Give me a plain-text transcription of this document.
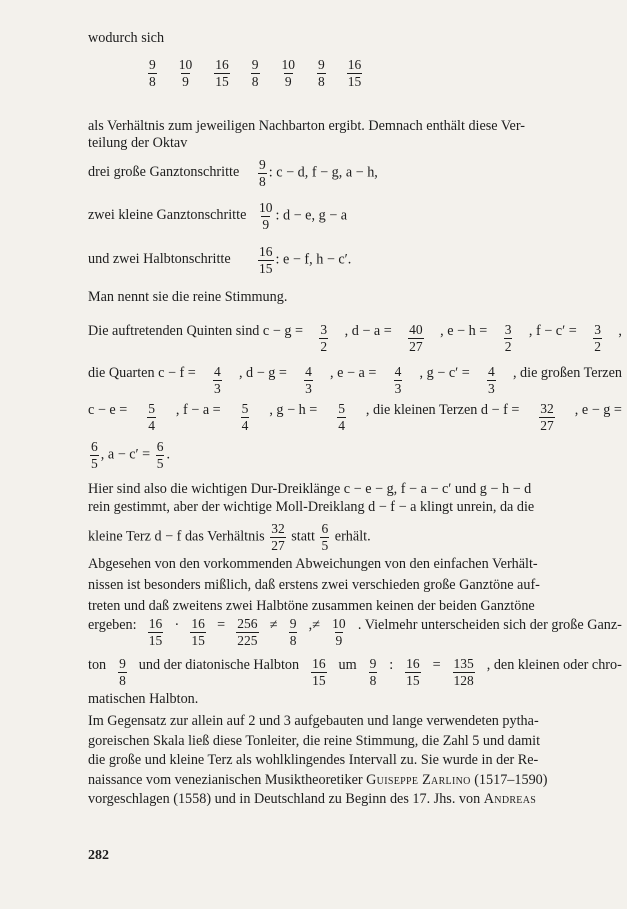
wodurch sich
$\frac{9}{8} \frac{10}{9} \frac{16}{15} \frac{9}{8} \frac{10}{9} \frac{9}{8} \frac{16}{15}$
als Verhältnis zum jeweiligen Nachbarton ergibt. Demnach enthält diese Ver-
teilung der Oktav
drei große Ganztonschritte $\frac{9}{8}$ : c − d, f − g, a − h,
zwei kleine Ganztonschritte $\frac{10}{9}$ : d − e, g − a
und zwei Halbtonschritte $\frac{16}{15}$ : e − f, h − c′.
Man nennt sie die reine Stimmung.
Die auftretenden Quinten sind $c - g = \frac{3}{2}$ , $d - a = \frac{40}{27}$ , $e - h = \frac{3}{2}$ , $f - c' = \frac{3}{2}$ ,
die Quarten $c - f = \frac{4}{3}$ , $d - g = \frac{4}{3}$ , $e - a = \frac{4}{3}$ , $g - c' = \frac{4}{3}$ , die großen Terzen
$c - e = \frac{5}{4}$ , $f - a = \frac{5}{4}$ , $g - h = \frac{5}{4}$ , die kleinen Terzen $d - f = \frac{32}{27}$ , e − g =
$\frac{6}{5}$ , $a - c' = \frac{6}{5}$ .
Hier sind also die wichtigen Dur-Dreiklänge c − e − g, f − a − c′ und g − h − d
rein gestimmt, aber der wichtige Moll-Dreiklang d − f − a klingt unrein, da die
kleine Terz d − f das Verhältnis $\frac{32}{27}$ statt $\frac{6}{5}$ erhält.
Abgesehen von den vorkommenden Abweichungen von den einfachen Verhält-
nissen ist besonders mißlich, daß erstens zwei verschieden große Ganztöne auf-
treten und daß zweitens zwei Halbtöne zusammen keinen der beiden Ganztöne
ergeben: $\frac{16}{15} \cdot \frac{16}{15} = \frac{256}{225} \ne \frac{9}{8}$ ,≠ $\frac{10}{9}$ . Vielmehr unterscheiden sich der große Ganz-
ton $\frac{9}{8}$ und der diatonische Halbton $\frac{16}{15}$ um $\frac{9}{8}$ : $\frac{16}{15} = \frac{135}{128}$ , den kleinen oder chro-
matischen Halbton.
Im Gegensatz zur allein auf 2 und 3 aufgebauten und lange verwendeten pytha-
goreischen Skala ließ diese Tonleiter, die reine Stimmung, die Zahl 5 und damit
die große und kleine Terz als wohlklingendes Intervall zu. Sie wurde in der Re-
naissance vom venezianischen Musiktheoretiker Guiseppe Zarlino (1517–1590)
vorgeschlagen (1558) und in Deutschland zu Beginn des 17. Jhs. von Andreas
282
